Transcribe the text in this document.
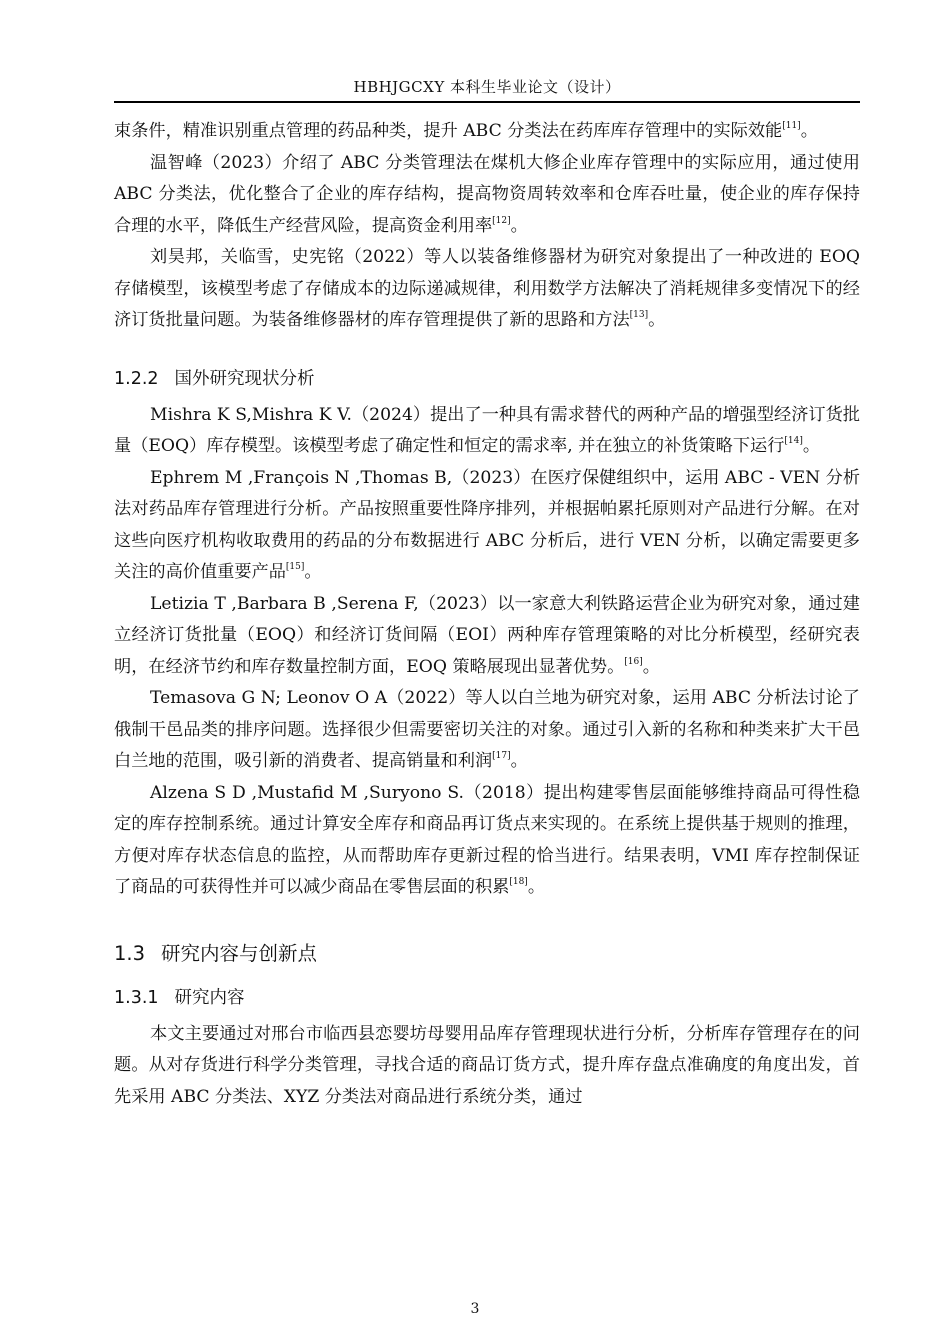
HBHJGCXY 本科生毕业论文（设计）

束条件，精准识别重点管理的药品种类，提升 ABC 分类法在药库库存管理中的实际效能[11]。

温智峰（2023）介绍了 ABC 分类管理法在煤机大修企业库存管理中的实际应用，通过使用 ABC 分类法，优化整合了企业的库存结构，提高物资周转效率和仓库吞吐量，使企业的库存保持合理的水平，降低生产经营风险，提高资金利用率[12]。

刘昊邦，关临雪，史宪铭（2022）等人以装备维修器材为研究对象提出了一种改进的 EOQ 存储模型，该模型考虑了存储成本的边际递减规律，利用数学方法解决了消耗规律多变情况下的经济订货批量问题。为装备维修器材的库存管理提供了新的思路和方法[13]。

1.2.2 国外研究现状分析

Mishra K S,Mishra K V.（2024）提出了一种具有需求替代的两种产品的增强型经济订货批量（EOQ）库存模型。该模型考虑了确定性和恒定的需求率, 并在独立的补货策略下运行[14]。

Ephrem M ,François N ,Thomas B,（2023）在医疗保健组织中，运用 ABC - VEN 分析法对药品库存管理进行分析。产品按照重要性降序排列，并根据帕累托原则对产品进行分解。在对这些向医疗机构收取费用的药品的分布数据进行 ABC 分析后，进行 VEN 分析，以确定需要更多关注的高价值重要产品[15]。

Letizia T ,Barbara B ,Serena F,（2023）以一家意大利铁路运营企业为研究对象，通过建立经济订货批量（EOQ）和经济订货间隔（EOI）两种库存管理策略的对比分析模型，经研究表明，在经济节约和库存数量控制方面，EOQ 策略展现出显著优势。[16]。

Temasova G N; Leonov O A（2022）等人以白兰地为研究对象，运用 ABC 分析法讨论了俄制干邑品类的排序问题。选择很少但需要密切关注的对象。通过引入新的名称和种类来扩大干邑白兰地的范围，吸引新的消费者、提高销量和利润[17]。

Alzena S D ,Mustafid M ,Suryono S.（2018）提出构建零售层面能够维持商品可得性稳定的库存控制系统。通过计算安全库存和商品再订货点来实现的。在系统上提供基于规则的推理，方便对库存状态信息的监控，从而帮助库存更新过程的恰当进行。结果表明，VMI 库存控制保证了商品的可获得性并可以减少商品在零售层面的积累[18]。

1.3 研究内容与创新点
1.3.1 研究内容

本文主要通过对邢台市临西县恋婴坊母婴用品库存管理现状进行分析，分析库存管理存在的问题。从对存货进行科学分类管理，寻找合适的商品订货方式，提升库存盘点准确度的角度出发，首先采用 ABC 分类法、XYZ 分类法对商品进行系统分类，通过

3
